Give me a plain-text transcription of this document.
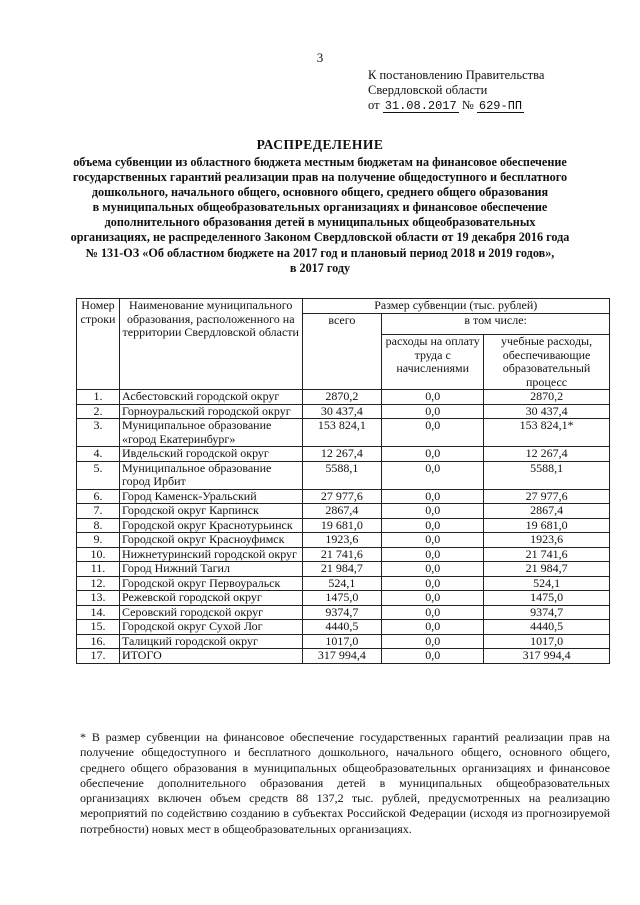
3
К постановлению Правительства
Свердловской области
от 31.08.2017 № 629-ПП
РАСПРЕДЕЛЕНИЕ
объема субвенции из областного бюджета местным бюджетам на финансовое обеспечение
государственных гарантий реализации прав на получение общедоступного и бесплатного
дошкольного, начального общего, основного общего, среднего общего образования
в муниципальных общеобразовательных организациях и финансовое обеспечение
дополнительного образования детей в муниципальных общеобразовательных
организациях, не распределенного Законом Свердловской области от 19 декабря 2016 года
№ 131-ОЗ «Об областном бюджете на 2017 год и плановый период 2018 и 2019 годов»,
в 2017 году
Номер строки	Наименование муниципального образования, расположенного на территории Свердловской области	Размер субвенции (тыс. рублей)		
		всего	в том числе:	
			расходы на оплату труда с начислениями	учебные расходы, обеспечивающие образовательный процесс
1.	Асбестовский городской округ	2870,2	0,0	2870,2
2.	Горноуральский городской округ	30 437,4	0,0	30 437,4
3.	Муниципальное образование «город Екатеринбург»	153 824,1	0,0	153 824,1*
4.	Ивдельский городской округ	12 267,4	0,0	12 267,4
5.	Муниципальное образование город Ирбит	5588,1	0,0	5588,1
6.	Город Каменск-Уральский	27 977,6	0,0	27 977,6
7.	Городской округ Карпинск	2867,4	0,0	2867,4
8.	Городской округ Краснотурьинск	19 681,0	0,0	19 681,0
9.	Городской округ Красноуфимск	1923,6	0,0	1923,6
10.	Нижнетуринский городской округ	21 741,6	0,0	21 741,6
11.	Город Нижний Тагил	21 984,7	0,0	21 984,7
12.	Городской округ Первоуральск	524,1	0,0	524,1
13.	Режевской городской округ	1475,0	0,0	1475,0
14.	Серовский городской округ	9374,7	0,0	9374,7
15.	Городской округ Сухой Лог	4440,5	0,0	4440,5
16.	Талицкий городской округ	1017,0	0,0	1017,0
17.	ИТОГО	317 994,4	0,0	317 994,4
* В размер субвенции на финансовое обеспечение государственных гарантий реализации прав на получение общедоступного и бесплатного дошкольного, начального общего, основного общего, среднего общего образования в муниципальных общеобразовательных организациях и финансовое обеспечение дополнительного образования детей в муниципальных общеобразовательных организациях включен объем средств 88 137,2 тыс. рублей, предусмотренных на реализацию мероприятий по содействию созданию в субъектах Российской Федерации (исходя из прогнозируемой потребности) новых мест в общеобразовательных организациях.
